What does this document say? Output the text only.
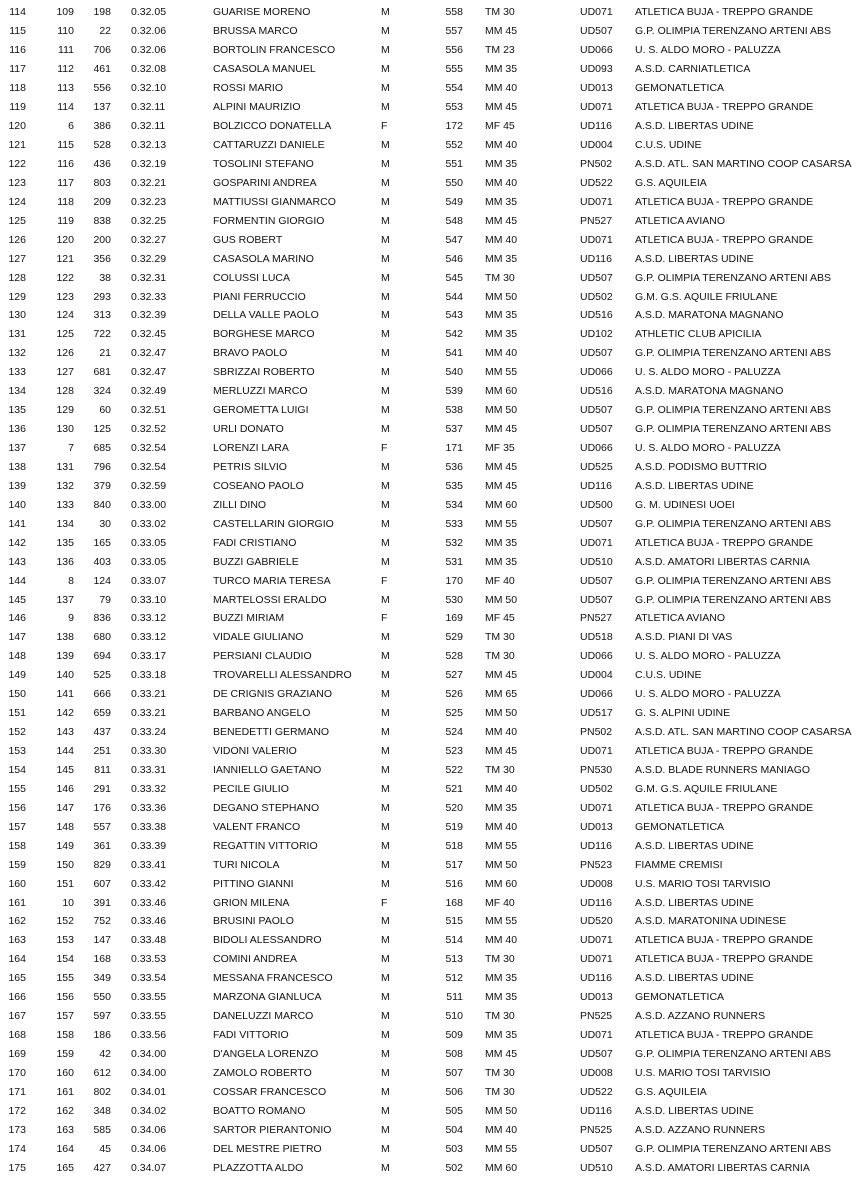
114	109	198	0.32.05	GUARISE MORENO	M	558	TM 30	UD071	ATLETICA BUJA - TREPPO GRANDE
115	110	22	0.32.06	BRUSSA MARCO	M	557	MM 45	UD507	G.P. OLIMPIA TERENZANO ARTENI ABS
116	111	706	0.32.06	BORTOLIN FRANCESCO	M	556	TM 23	UD066	U. S. ALDO MORO - PALUZZA
117	112	461	0.32.08	CASASOLA MANUEL	M	555	MM 35	UD093	A.S.D. CARNIATLETICA
118	113	556	0.32.10	ROSSI MARIO	M	554	MM 40	UD013	GEMONATLETICA
119	114	137	0.32.11	ALPINI MAURIZIO	M	553	MM 45	UD071	ATLETICA BUJA - TREPPO GRANDE
120	6	386	0.32.11	BOLZICCO DONATELLA	F	172	MF 45	UD116	A.S.D. LIBERTAS UDINE
121	115	528	0.32.13	CATTARUZZI DANIELE	M	552	MM 40	UD004	C.U.S. UDINE
122	116	436	0.32.19	TOSOLINI STEFANO	M	551	MM 35	PN502	A.S.D. ATL. SAN MARTINO COOP CASARSA
123	117	803	0.32.21	GOSPARINI ANDREA	M	550	MM 40	UD522	G.S. AQUILEIA
124	118	209	0.32.23	MATTIUSSI GIANMARCO	M	549	MM 35	UD071	ATLETICA BUJA - TREPPO GRANDE
125	119	838	0.32.25	FORMENTIN GIORGIO	M	548	MM 45	PN527	ATLETICA AVIANO
126	120	200	0.32.27	GUS ROBERT	M	547	MM 40	UD071	ATLETICA BUJA - TREPPO GRANDE
127	121	356	0.32.29	CASASOLA MARINO	M	546	MM 35	UD116	A.S.D. LIBERTAS UDINE
128	122	38	0.32.31	COLUSSI LUCA	M	545	TM 30	UD507	G.P. OLIMPIA TERENZANO ARTENI ABS
129	123	293	0.32.33	PIANI FERRUCCIO	M	544	MM 50	UD502	G.M. G.S. AQUILE FRIULANE
130	124	313	0.32.39	DELLA VALLE PAOLO	M	543	MM 35	UD516	A.S.D. MARATONA MAGNANO
131	125	722	0.32.45	BORGHESE MARCO	M	542	MM 35	UD102	ATHLETIC CLUB APICILIA
132	126	21	0.32.47	BRAVO PAOLO	M	541	MM 40	UD507	G.P. OLIMPIA TERENZANO ARTENI ABS
133	127	681	0.32.47	SBRIZZAI ROBERTO	M	540	MM 55	UD066	U. S. ALDO MORO - PALUZZA
134	128	324	0.32.49	MERLUZZI MARCO	M	539	MM 60	UD516	A.S.D. MARATONA MAGNANO
135	129	60	0.32.51	GEROMETTA LUIGI	M	538	MM 50	UD507	G.P. OLIMPIA TERENZANO ARTENI ABS
136	130	125	0.32.52	URLI DONATO	M	537	MM 45	UD507	G.P. OLIMPIA TERENZANO ARTENI ABS
137	7	685	0.32.54	LORENZI LARA	F	171	MF 35	UD066	U. S. ALDO MORO - PALUZZA
138	131	796	0.32.54	PETRIS SILVIO	M	536	MM 45	UD525	A.S.D. PODISMO BUTTRIO
139	132	379	0.32.59	COSEANO PAOLO	M	535	MM 45	UD116	A.S.D. LIBERTAS UDINE
140	133	840	0.33.00	ZILLI DINO	M	534	MM 60	UD500	G. M. UDINESI UOEI
141	134	30	0.33.02	CASTELLARIN GIORGIO	M	533	MM 55	UD507	G.P. OLIMPIA TERENZANO ARTENI ABS
142	135	165	0.33.05	FADI CRISTIANO	M	532	MM 35	UD071	ATLETICA BUJA - TREPPO GRANDE
143	136	403	0.33.05	BUZZI GABRIELE	M	531	MM 35	UD510	A.S.D. AMATORI LIBERTAS CARNIA
144	8	124	0.33.07	TURCO MARIA TERESA	F	170	MF 40	UD507	G.P. OLIMPIA TERENZANO ARTENI ABS
145	137	79	0.33.10	MARTELOSSI ERALDO	M	530	MM 50	UD507	G.P. OLIMPIA TERENZANO ARTENI ABS
146	9	836	0.33.12	BUZZI MIRIAM	F	169	MF 45	PN527	ATLETICA AVIANO
147	138	680	0.33.12	VIDALE GIULIANO	M	529	TM 30	UD518	A.S.D. PIANI DI VAS
148	139	694	0.33.17	PERSIANI CLAUDIO	M	528	TM 30	UD066	U. S. ALDO MORO - PALUZZA
149	140	525	0.33.18	TROVARELLI ALESSANDRO	M	527	MM 45	UD004	C.U.S. UDINE
150	141	666	0.33.21	DE CRIGNIS GRAZIANO	M	526	MM 65	UD066	U. S. ALDO MORO - PALUZZA
151	142	659	0.33.21	BARBANO ANGELO	M	525	MM 50	UD517	G. S. ALPINI UDINE
152	143	437	0.33.24	BENEDETTI GERMANO	M	524	MM 40	PN502	A.S.D. ATL. SAN MARTINO COOP CASARSA
153	144	251	0.33.30	VIDONI VALERIO	M	523	MM 45	UD071	ATLETICA BUJA - TREPPO GRANDE
154	145	811	0.33.31	IANNIELLO GAETANO	M	522	TM 30	PN530	A.S.D. BLADE RUNNERS MANIAGO
155	146	291	0.33.32	PECILE GIULIO	M	521	MM 40	UD502	G.M. G.S. AQUILE FRIULANE
156	147	176	0.33.36	DEGANO STEPHANO	M	520	MM 35	UD071	ATLETICA BUJA - TREPPO GRANDE
157	148	557	0.33.38	VALENT FRANCO	M	519	MM 40	UD013	GEMONATLETICA
158	149	361	0.33.39	REGATTIN VITTORIO	M	518	MM 55	UD116	A.S.D. LIBERTAS UDINE
159	150	829	0.33.41	TURI NICOLA	M	517	MM 50	PN523	FIAMME CREMISI
160	151	607	0.33.42	PITTINO GIANNI	M	516	MM 60	UD008	U.S. MARIO TOSI TARVISIO
161	10	391	0.33.46	GRION MILENA	F	168	MF 40	UD116	A.S.D. LIBERTAS UDINE
162	152	752	0.33.46	BRUSINI PAOLO	M	515	MM 55	UD520	A.S.D. MARATONINA UDINESE
163	153	147	0.33.48	BIDOLI ALESSANDRO	M	514	MM 40	UD071	ATLETICA BUJA - TREPPO GRANDE
164	154	168	0.33.53	COMINI ANDREA	M	513	TM 30	UD071	ATLETICA BUJA - TREPPO GRANDE
165	155	349	0.33.54	MESSANA FRANCESCO	M	512	MM 35	UD116	A.S.D. LIBERTAS UDINE
166	156	550	0.33.55	MARZONA GIANLUCA	M	511	MM 35	UD013	GEMONATLETICA
167	157	597	0.33.55	DANELUZZI MARCO	M	510	TM 30	PN525	A.S.D. AZZANO RUNNERS
168	158	186	0.33.56	FADI VITTORIO	M	509	MM 35	UD071	ATLETICA BUJA - TREPPO GRANDE
169	159	42	0.34.00	D'ANGELA LORENZO	M	508	MM 45	UD507	G.P. OLIMPIA TERENZANO ARTENI ABS
170	160	612	0.34.00	ZAMOLO ROBERTO	M	507	TM 30	UD008	U.S. MARIO TOSI TARVISIO
171	161	802	0.34.01	COSSAR FRANCESCO	M	506	TM 30	UD522	G.S. AQUILEIA
172	162	348	0.34.02	BOATTO ROMANO	M	505	MM 50	UD116	A.S.D. LIBERTAS UDINE
173	163	585	0.34.06	SARTOR PIERANTONIO	M	504	MM 40	PN525	A.S.D. AZZANO RUNNERS
174	164	45	0.34.06	DEL MESTRE PIETRO	M	503	MM 55	UD507	G.P. OLIMPIA TERENZANO ARTENI ABS
175	165	427	0.34.07	PLAZZOTTA ALDO	M	502	MM 60	UD510	A.S.D. AMATORI LIBERTAS CARNIA
